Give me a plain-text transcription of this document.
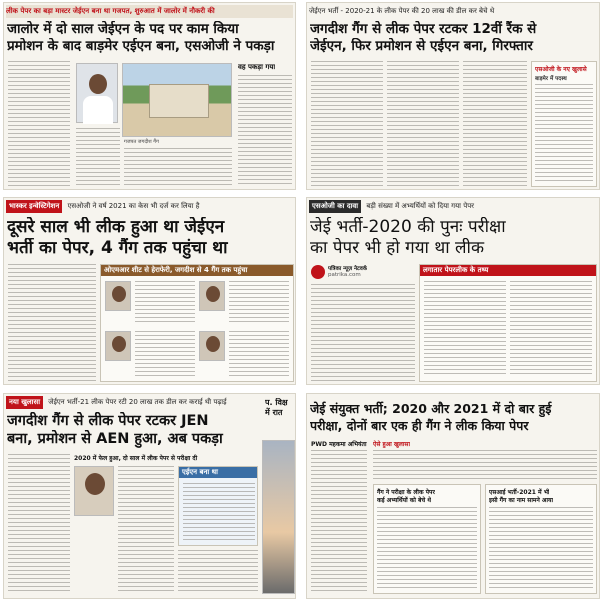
लीक पेपर का बड़ा मास्टर जेईएन बना था गजपत, शुरुआत में जालोर में नौकरी की
जालोर में दो साल जेईएन के पद पर काम किया
प्रमोशन के बाद बाड़मेर एईएन बना, एसओजी ने पकड़ा
गजपत जगदीश गैंग
वह पकड़ा गया
जेईएन भर्ती - 2020-21 के लीक पेपर की 20 लाख की डील कर बेचे थे
जगदीश गैंग से लीक पेपर रटकर 12वीं रैंक से
जेईएन, फिर प्रमोशन से एईएन बना, गिरफ्तार
एसओजी के नए खुलासे
बाड़मेर में पदस्थ
भास्कर इन्वेस्टिगेशन एसओजी ने वर्ष 2021 का केस भी दर्ज कर लिया है
दूसरे साल भी लीक हुआ था जेईएन
भर्ती का पेपर, 4 गैंग तक पहुंचा था
ओएमआर शीट से हेराफेरी, जगदीश से 4 गैंग तक पहुंचा
एसओजी का दावा बड़ी संख्या में अभ्यर्थियों को दिया गया पेपर
जेई भर्ती-2020 की पुनः परीक्षा
का पेपर भी हो गया था लीक
पत्रिका न्यूज़ नेटवर्क
patrika.com
लगातार पेपरलीक के तथ्य
नया खुलासा जेईएन भर्ती-21 लीक पेपर रटी 20 लाख तक डील कर कराई थी पढ़ाई
जगदीश गैंग से लीक पेपर रटकर JEN
बना, प्रमोशन से AEN हुआ, अब पकड़ा
प. विक्ष में रात
2020 में फेल हुआ, दो साल में लीक पेपर से परीक्षा दी
एईएन बना था
जेई संयुक्त भर्ती; 2020 और 2021 में दो बार हुई
परीक्षा, दोनों बार एक ही गैंग ने लीक किया पेपर
PWD महकमा अभियंता ऐसे हुआ खुलासा
गैंग ने परीक्षा के लीक पेपर
कई अभ्यर्थियों को बेचे थे
एसआई भर्ती-2021 में भी
इसी गैंग का नाम सामने आया
